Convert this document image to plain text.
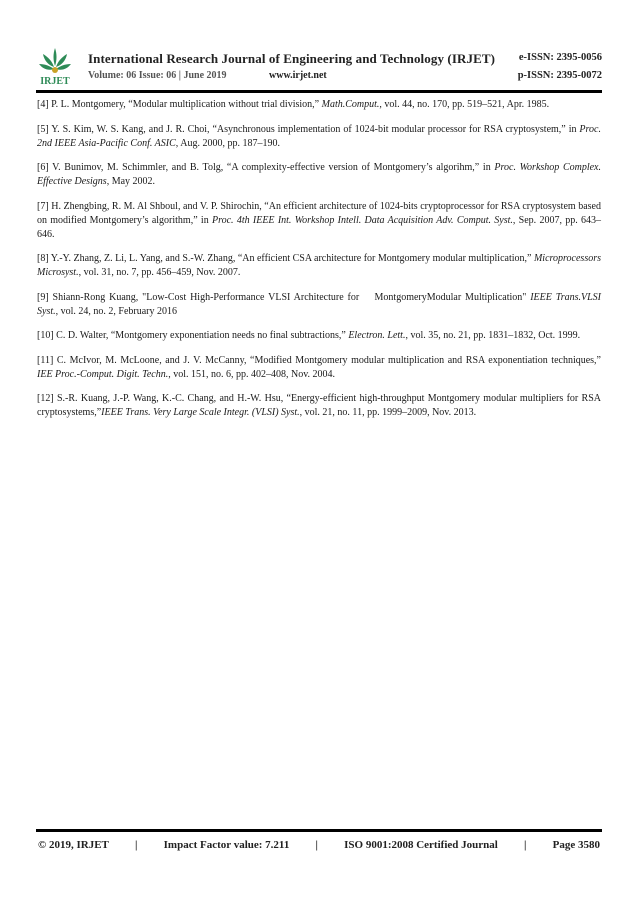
IRJET
International Research Journal of Engineering and Technology (IRJET) e-ISSN: 2395-0056
Volume: 06 Issue: 06 | June 2019	www.irjet.net	p-ISSN: 2395-0072

[4] P. L. Montgomery, “Modular multiplication without trial division,” Math.Comput., vol. 44, no. 170, pp. 519–521, Apr. 1985.

[5] Y. S. Kim, W. S. Kang, and J. R. Choi, “Asynchronous implementation of 1024-bit modular processor for RSA cryptosystem,” in Proc. 2nd IEEE Asia-Pacific Conf. ASIC, Aug. 2000, pp. 187–190.

[6] V. Bunimov, M. Schimmler, and B. Tolg, “A complexity-effective version of Montgomery’s algorihm,” in Proc. Workshop Complex. Effective Designs, May 2002.

[7] H. Zhengbing, R. M. Al Shboul, and V. P. Shirochin, “An efficient architecture of 1024-bits cryptoprocessor for RSA cryptosystem based on modified Montgomery’s algorithm,” in Proc. 4th IEEE Int. Workshop Intell. Data Acquisition Adv. Comput. Syst., Sep. 2007, pp. 643–646.

[8] Y.-Y. Zhang, Z. Li, L. Yang, and S.-W. Zhang, “An efficient CSA architecture for Montgomery modular multiplication,” Microprocessors Microsyst., vol. 31, no. 7, pp. 456–459, Nov. 2007.

[9] Shiann-Rong Kuang, "Low-Cost High-Performance VLSI Architecture for    MontgomeryModular Multiplication" IEEE Trans.VLSI Syst., vol. 24, no. 2, February 2016

[10] C. D. Walter, “Montgomery exponentiation needs no final subtractions,” Electron. Lett., vol. 35, no. 21, pp. 1831–1832, Oct. 1999.

[11] C. McIvor, M. McLoone, and J. V. McCanny, “Modified Montgomery modular multiplication and RSA exponentiation techniques,” IEE Proc.-Comput. Digit. Techn., vol. 151, no. 6, pp. 402–408, Nov. 2004.

[12] S.-R. Kuang, J.-P. Wang, K.-C. Chang, and H.-W. Hsu, “Energy-efficient high-throughput Montgomery modular multipliers for RSA cryptosystems,”IEEE Trans. Very Large Scale Integr. (VLSI) Syst., vol. 21, no. 11, pp. 1999–2009, Nov. 2013.

© 2019, IRJET | Impact Factor value: 7.211 | ISO 9001:2008 Certified Journal | Page 3580
